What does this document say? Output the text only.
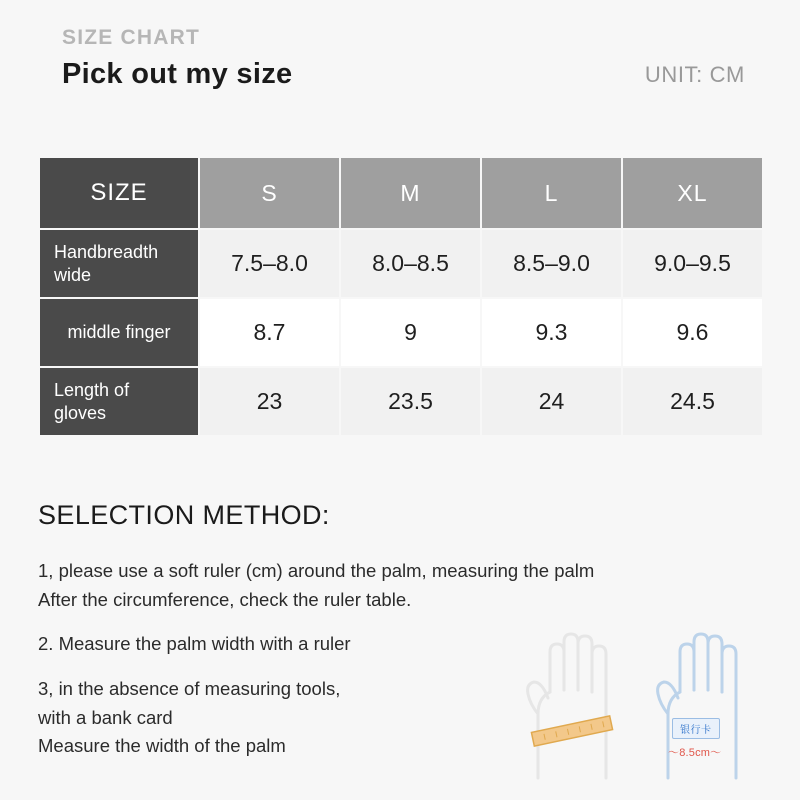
SIZE CHART
Pick out my size	UNIT: CM
SIZE	S	M	L	XL
Handbreadth wide	7.5–8.0	8.0–8.5	8.5–9.0	9.0–9.5
middle finger	8.7	9	9.3	9.6
Length of gloves	23	23.5	24	24.5
SELECTION METHOD:

1, please use a soft ruler (cm) around the palm, measuring the palm
After the circumference, check the ruler table.

2. Measure the palm width with a ruler

3, in the absence of measuring tools,
with a bank card
Measure the width of the palm

银行卡
～8.5cm～
